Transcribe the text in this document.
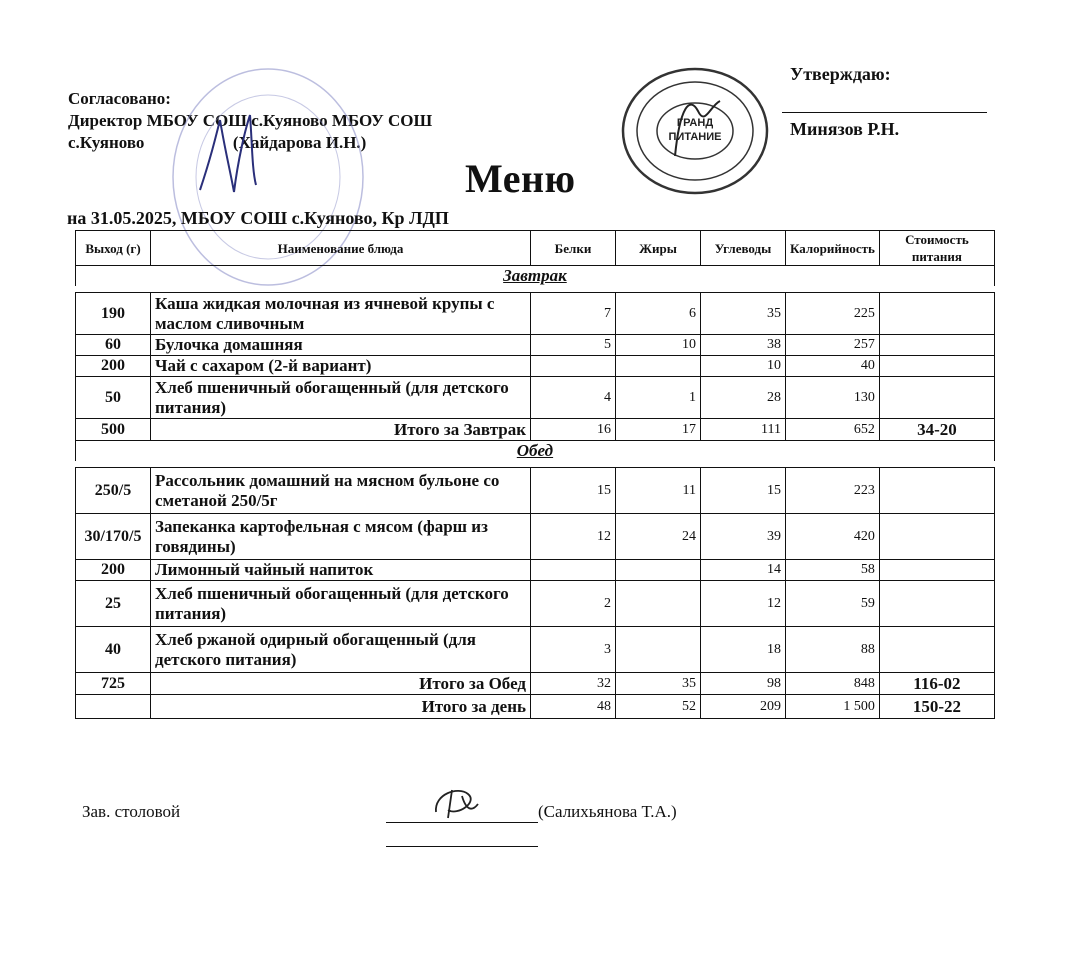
Согласовано:
Директор МБОУ СОШ с.Куяново МБОУ СОШ
с.Куяново	(Хайдарова И.Н.)
ГРАНД
ПИТАНИЕ
Утверждаю:
Минязов Р.Н.
Меню
на 31.05.2025, МБОУ СОШ с.Куяново, Кр ЛДП
Выход (г)	Наименование блюда	Белки	Жиры	Углеводы	Калорийность	Стоимость питания
Завтрак						

190	Каша жидкая молочная из ячневой крупы с маслом сливочным	7	6	35	225	
60	Булочка домашняя	5	10	38	257	
200	Чай с сахаром (2-й вариант)			10	40	
50	Хлеб пшеничный обогащенный (для детского питания)	4	1	28	130	
500	Итого за Завтрак	16	17	111	652	34-20
Обед						

250/5	Рассольник домашний на мясном бульоне со сметаной 250/5г	15	11	15	223	
30/170/5	Запеканка картофельная с мясом (фарш из говядины)	12	24	39	420	
200	Лимонный чайный напиток			14	58	
25	Хлеб пшеничный обогащенный (для детского питания)	2		12	59	
40	Хлеб ржаной одирный обогащенный (для детского питания)	3		18	88	
725	Итого за Обед	32	35	98	848	116-02
	Итого за день	48	52	209	1 500	150-22
Зав. столовой	(Салихьянова Т.А.)
